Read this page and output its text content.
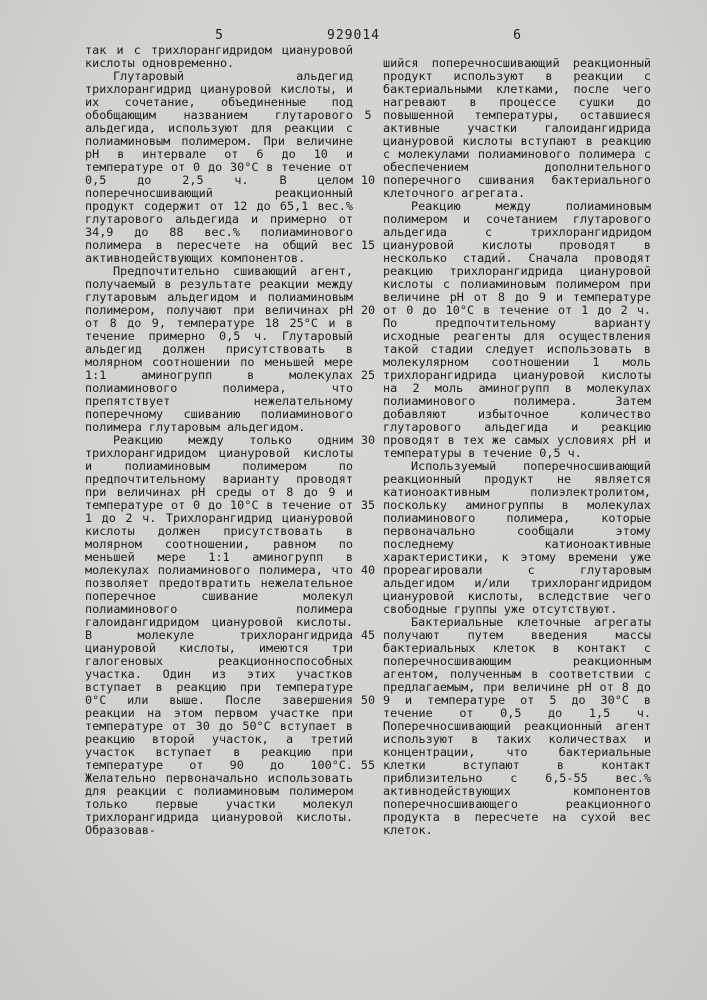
5	929014	6

так и с трихлорангидридом циануровой кислоты одновременно.

Глутаровый альдегид трихлорангидрид циануровой кислоты, и их сочетание, объединенные под обобщающим названием глутарового альдегида, используют для реакции с полиаминовым полимером. При величине рН в интервале от 6 до 10 и температуре от 0 до 30°С в течение от 0,5 до 2,5 ч. В целом поперечносшивающий реакционный продукт содержит от 12 до 65,1 вес.% глутарового альдегида и примерно от 34,9 до 88 вес.% полиаминового полимера в пересчете на общий вес активнодействующих компонентов.

Предпочтительно сшивающий агент, получаемый в результате реакции между глутаровым альдегидом и полиаминовым полимером, получают при величинах рН от 8 до 9, температуре 18 25°С и в течение примерно 0,5 ч. Глутаровый альдегид должен присутствовать в молярном соотношении по меньшей мере 1:1 аминогрупп в молекулах полиаминового полимера, что препятствует нежелательному поперечному сшиванию полиаминового полимера глутаровым альдегидом.

Реакцию между только одним трихлорангидридом циануровой кислоты и полиаминовым полимером по предпочтительному варианту проводят при величинах рН среды от 8 до 9 и температуре от 0 до 10°С в течение от 1 до 2 ч. Трихлорангидрид циануровой кислоты должен присутствовать в молярном соотношении, равном по меньшей мере 1:1 аминогрупп в молекулах полиаминового полимера, что позволяет предотвратить нежелательное поперечное сшивание молекул полиаминового полимера галоидангидридом циануровой кислоты. В молекуле трихлорангидрида циануровой кислоты, имеются три галогеновых реакционноспособных участка. Один из этих участков вступает в реакцию при температуре 0°С или выше. После завершения реакции на этом первом участке при температуре от 30 до 50°С вступает в реакцию второй участок, а третий участок вступает в реакцию при температуре от 90 до 100°С. Желательно первоначально использовать для реакции с полиаминовым полимером только первые участки молекул трихлорангидрида циануровой кислоты. Образовав-

5
10
15
20
25
30
35
40
45
50
55

шийся поперечносшивающий реакционный продукт используют в реакции с бактериальными клетками, после чего нагревают в процессе сушки до повышенной температуры, оставшиеся активные участки галоидангидрида циануровой кислоты вступают в реакцию с молекулами полиаминового полимера с обеспечением дополнительного поперечного сшивания бактериального клеточного агрегата.

Реакцию между полиаминовым полимером и сочетанием глутарового альдегида с трихлорангидридом циануровой кислоты проводят в несколько стадий. Сначала проводят реакцию трихлорангидрида циануровой кислоты с полиаминовым полимером при величине рН от 8 до 9 и температуре от 0 до 10°С в течение от 1 до 2 ч. По предпочтительному варианту исходные реагенты для осуществления такой стадии следует использовать в молекулярном соотношении 1 моль трихлорангидрида циануровой кислоты на 2 моль аминогрупп в молекулах полиаминового полимера. Затем добавляют избыточное количество глутарового альдегида и реакцию проводят в тех же самых условиях рН и температуры в течение 0,5 ч.

Используемый поперечносшивающий реакционный продукт не является катионоактивным полиэлектролитом, поскольку аминогруппы в молекулах полиаминового полимера, которые первоначально сообщали этому последнему катионоактивные характеристики, к этому времени уже прореагировали с глутаровым альдегидом и/или трихлорангидридом циануровой кислоты, вследствие чего свободные группы уже отсутствуют.

Бактериальные клеточные агрегаты получают путем введения массы бактериальных клеток в контакт с поперечносшивающим реакционным агентом, полученным в соответствии с предлагаемым, при величине рН от 8 до 9 и температуре от 5 до 30°С в течение от 0,5 до 1,5 ч. Поперечносшивающий реакционный агент используют в таких количествах и концентрации, что бактериальные клетки вступают в контакт приблизительно с 6,5-55 вес.% активнодействующих компонентов поперечносшивающего реакционного продукта в пересчете на сухой вес клеток.
